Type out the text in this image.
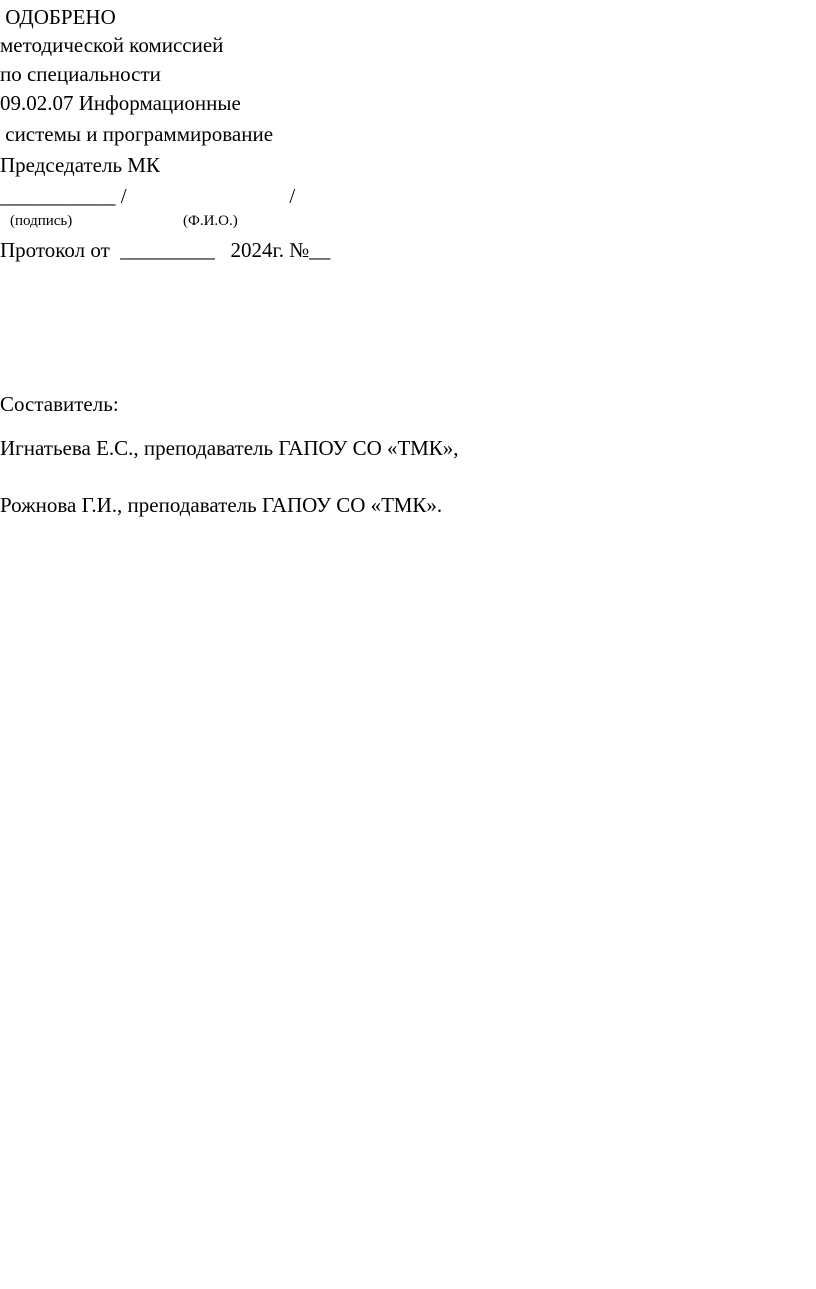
ОДОБРЕНО
методической комиссией
по специальности
09.02.07 Информационные
системы и программирование
Председатель МК
___________ /                               /
(подпись)	(Ф.И.О.)
Протокол от  _________   2024г. №__
Составитель:
Игнатьева Е.С., преподаватель ГАПОУ СО «ТМК»,
Рожнова Г.И., преподаватель ГАПОУ СО «ТМК».
